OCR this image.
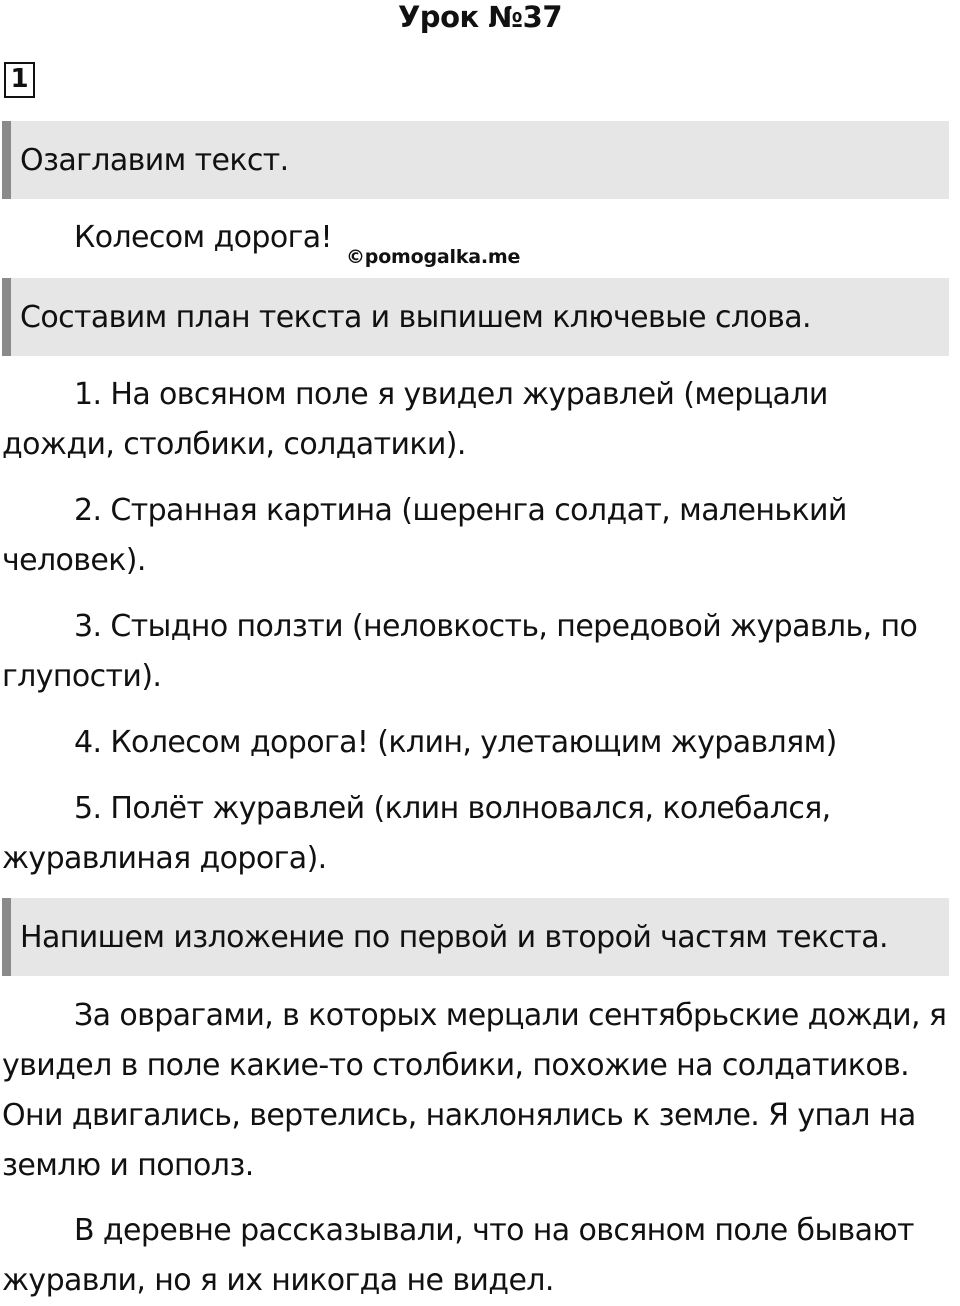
Урок №37
1
Озаглавим текст.

Колесом дорога!

©pomogalka.me
Составим план текста и выпишем ключевые слова.

1. На овсяном поле я увидел журавлей (мерцали

дожди, столбики, солдатики).

2. Странная картина (шеренга солдат, маленький

человек).

3. Стыдно ползти (неловкость, передовой журавль, по

глупости).

4. Колесом дорога! (клин, улетающим журавлям)

5. Полёт журавлей (клин волновался, колебался,

журавлиная дорога).

Напишем изложение по первой и второй частям текста.

За оврагами, в которых мерцали сентябрьские дожди, я

увидел в поле какие-то столбики, похожие на солдатиков.

Они двигались, вертелись, наклонялись к земле. Я упал на

землю и пополз.

В деревне рассказывали, что на овсяном поле бывают

журавли, но я их никогда не видел.
